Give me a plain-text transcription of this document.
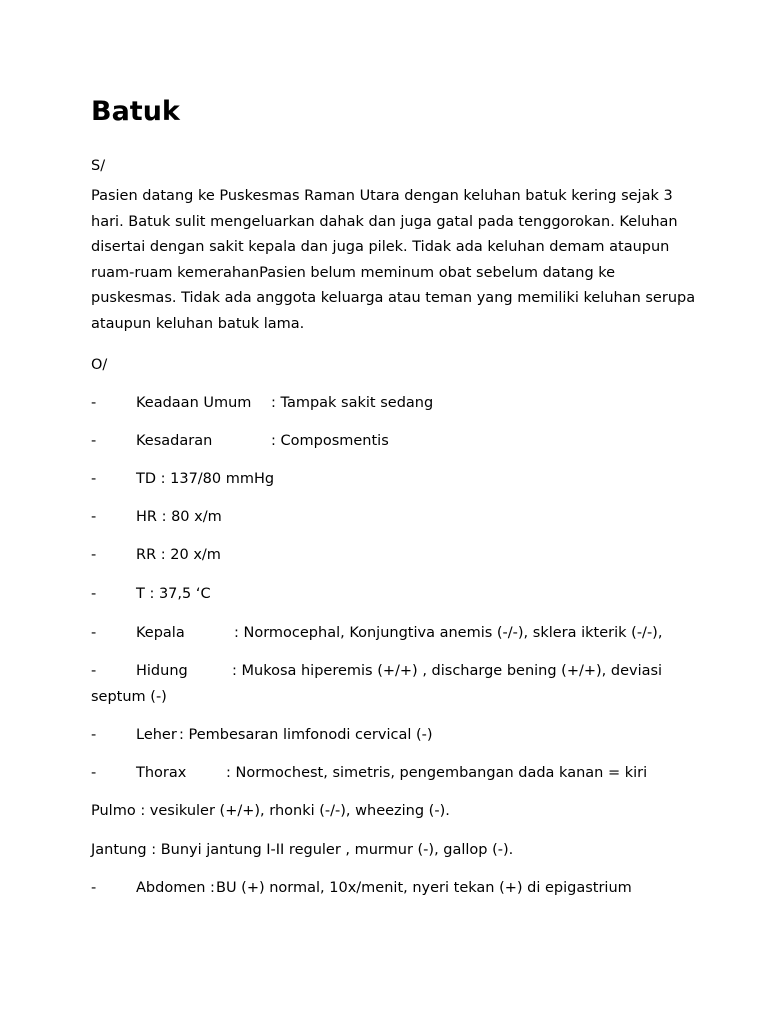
Batuk
S/
Pasien datang ke Puskesmas Raman Utara dengan keluhan batuk kering sejak 3
hari. Batuk sulit mengeluarkan dahak dan juga gatal pada tenggorokan. Keluhan
disertai dengan sakit kepala dan juga pilek. Tidak ada keluhan demam ataupun
ruam-ruam kemerahanPasien belum meminum obat sebelum datang ke
puskesmas. Tidak ada anggota keluarga atau teman yang memiliki keluhan serupa
ataupun keluhan batuk lama.
O/
-	Keadaan Umum : Tampak sakit sedang
-	Kesadaran	: Composmentis
-	TD : 137/80 mmHg
-	HR : 80 x/m
-	RR : 20 x/m
-	T : 37,5 ‘C
-	Kepala	: Normocephal, Konjungtiva anemis (-/-), sklera ikterik (-/-),
-	Hidung	: Mukosa hiperemis (+/+) , discharge bening (+/+), deviasi
septum (-)
-	Leher : Pembesaran limfonodi cervical (-)
-	Thorax	: Normochest, simetris, pengembangan dada kanan = kiri
Pulmo : vesikuler (+/+), rhonki (-/-), wheezing (-).
Jantung : Bunyi jantung I-II reguler , murmur (-), gallop (-).
-	Abdomen : BU (+) normal, 10x/menit, nyeri tekan (+) di epigastrium
